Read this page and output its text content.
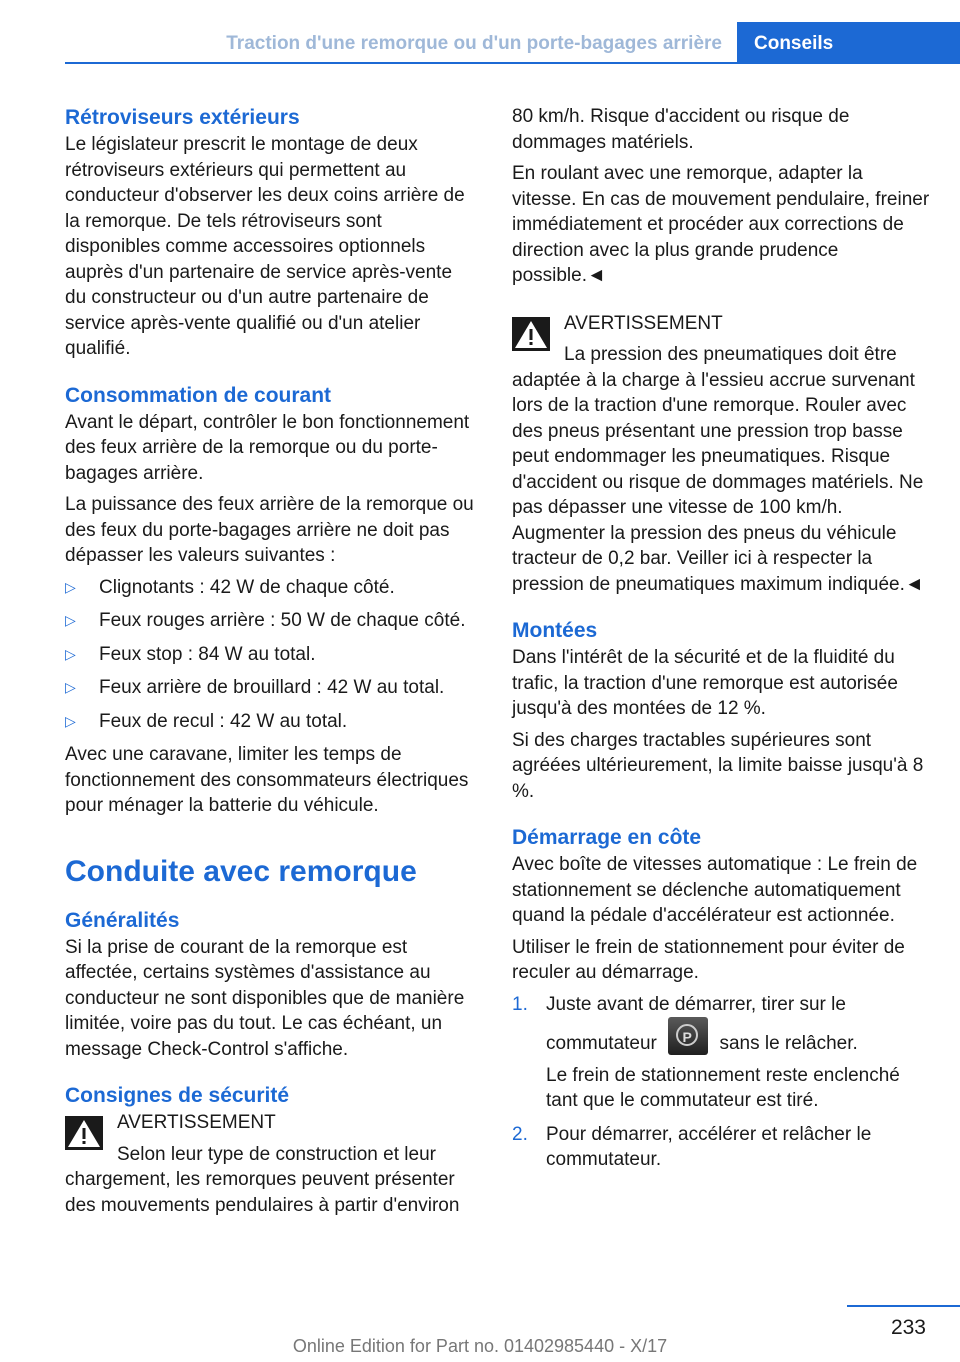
Traction d'une remorque ou d'un porte-bagages arrière	Conseils
Rétroviseurs extérieurs

Le législateur prescrit le montage de deux rétroviseurs extérieurs qui permettent au conducteur d'observer les deux coins arrière de la remorque. De tels rétroviseurs sont disponibles comme accessoires optionnels auprès d'un partenaire de service après-vente du constructeur ou d'un autre partenaire de service après-vente qualifié ou d'un atelier qualifié.

Consommation de courant

Avant le départ, contrôler le bon fonctionnement des feux arrière de la remorque ou du porte-bagages arrière.

La puissance des feux arrière de la remorque ou des feux du porte-bagages arrière ne doit pas dépasser les valeurs suivantes :

▷ Clignotants : 42 W de chaque côté.
▷ Feux rouges arrière : 50 W de chaque côté.
▷ Feux stop : 84 W au total.
▷ Feux arrière de brouillard : 42 W au total.
▷ Feux de recul : 42 W au total.

Avec une caravane, limiter les temps de fonctionnement des consommateurs électriques pour ménager la batterie du véhicule.

Conduite avec remorque
Généralités

Si la prise de courant de la remorque est affectée, certains systèmes d'assistance au conducteur ne sont disponibles que de manière limitée, voire pas du tout. Le cas échéant, un message Check-Control s'affiche.

Consignes de sécurité
AVERTISSEMENT

Selon leur type de construction et leur chargement, les remorques peuvent présenter des mouvements pendulaires à partir d'environ

80 km/h. Risque d'accident ou risque de dommages matériels.

En roulant avec une remorque, adapter la vitesse. En cas de mouvement pendulaire, freiner immédiatement et procéder aux corrections de direction avec la plus grande prudence possible.◄

AVERTISSEMENT

La pression des pneumatiques doit être adaptée à la charge à l'essieu accrue survenant lors de la traction d'une remorque. Rouler avec des pneus présentant une pression trop basse peut endommager les pneumatiques. Risque d'accident ou risque de dommages matériels. Ne pas dépasser une vitesse de 100 km/h. Augmenter la pression des pneus du véhicule tracteur de 0,2 bar. Veiller ici à respecter la pression de pneumatiques maximum indiquée.◄

Montées

Dans l'intérêt de la sécurité et de la fluidité du trafic, la traction d'une remorque est autorisée jusqu'à des montées de 12 %.

Si des charges tractables supérieures sont agréées ultérieurement, la limite baisse jusqu'à 8 %.

Démarrage en côte

Avec boîte de vitesses automatique : Le frein de stationnement se déclenche automatiquement quand la pédale d'accélérateur est actionnée.

Utiliser le frein de stationnement pour éviter de reculer au démarrage.

1. Juste avant de démarrer, tirer sur le commutateur	P	sans le relâcher.
Le frein de stationnement reste enclenché tant que le commutateur est tiré.
2. Pour démarrer, accélérer et relâcher le commutateur.
233
Online Edition for Part no. 01402985440 - X/17
